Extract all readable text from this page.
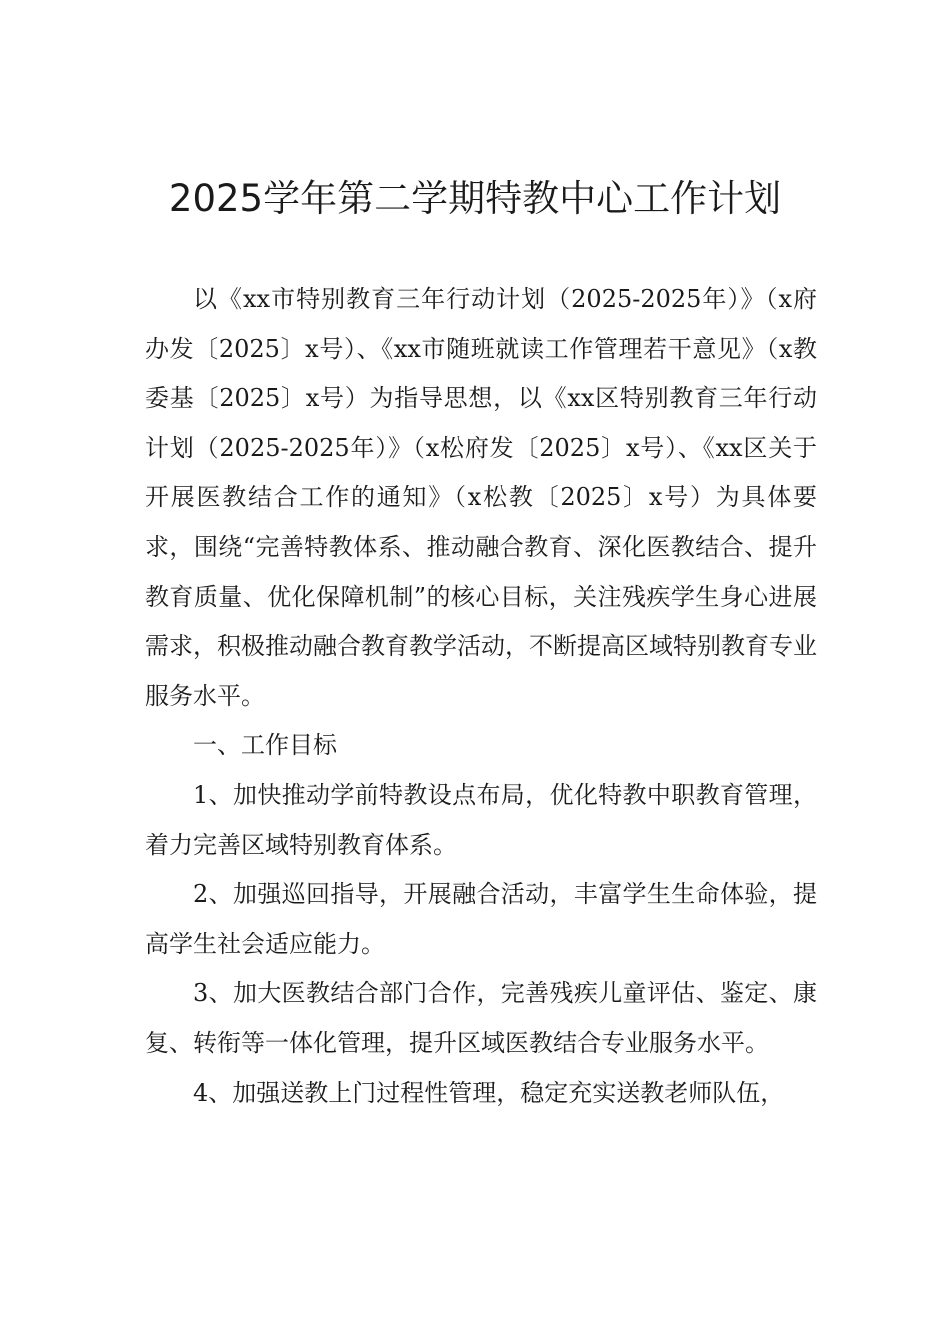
2025学年第二学期特教中心工作计划

以《xx市特别教育三年行动计划（2025-2025年）》（x府办发〔2025〕x号）、《xx市随班就读工作管理若干意见》（x教委基〔2025〕x号）为指导思想，以《xx区特别教育三年行动计划（2025-2025年）》（x松府发〔2025〕x号）、《xx区关于开展医教结合工作的通知》（x松教〔2025〕x号）为具体要求，围绕“完善特教体系、推动融合教育、深化医教结合、提升教育质量、优化保障机制”的核心目标，关注残疾学生身心进展需求，积极推动融合教育教学活动，不断提高区域特别教育专业服务水平。

一、工作目标

1、加快推动学前特教设点布局，优化特教中职教育管理，着力完善区域特别教育体系。

2、加强巡回指导，开展融合活动，丰富学生生命体验，提高学生社会适应能力。

3、加大医教结合部门合作，完善残疾儿童评估、鉴定、康复、转衔等一体化管理，提升区域医教结合专业服务水平。

4、加强送教上门过程性管理，稳定充实送教老师队伍，
